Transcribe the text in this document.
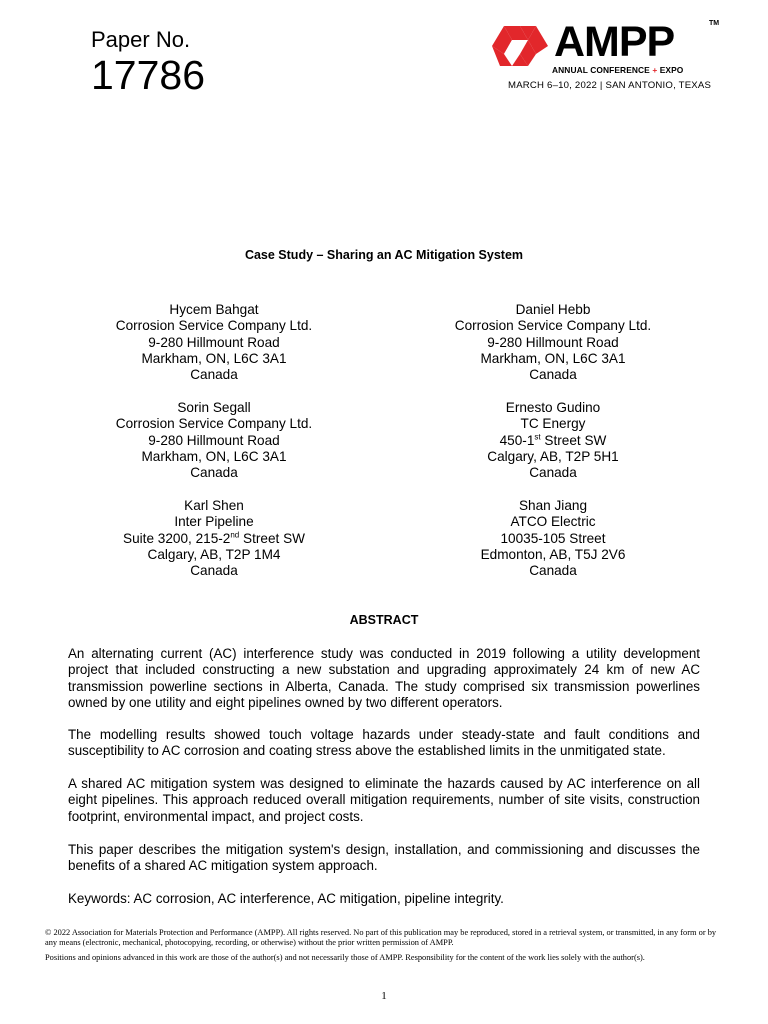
Paper No.
17786
AMPP	TM
ANNUAL CONFERENCE + EXPO
MARCH 6–10, 2022 | SAN ANTONIO, TEXAS
Case Study – Sharing an AC Mitigation System
Hycem Bahgat
Corrosion Service Company Ltd.
9-280 Hillmount Road
Markham, ON, L6C 3A1
Canada
Daniel Hebb
Corrosion Service Company Ltd.
9-280 Hillmount Road
Markham, ON, L6C 3A1
Canada
Sorin Segall
Corrosion Service Company Ltd.
9-280 Hillmount Road
Markham, ON, L6C 3A1
Canada
Ernesto Gudino
TC Energy
450-1st Street SW
Calgary, AB, T2P 5H1
Canada
Karl Shen
Inter Pipeline
Suite 3200, 215-2nd Street SW
Calgary, AB, T2P 1M4
Canada
Shan Jiang
ATCO Electric
10035-105 Street
Edmonton, AB, T5J 2V6
Canada
ABSTRACT

An alternating current (AC) interference study was conducted in 2019 following a utility development project that included constructing a new substation and upgrading approximately 24 km of new AC transmission powerline sections in Alberta, Canada. The study comprised six transmission powerlines owned by one utility and eight pipelines owned by two different operators.

The modelling results showed touch voltage hazards under steady-state and fault conditions and susceptibility to AC corrosion and coating stress above the established limits in the unmitigated state.

A shared AC mitigation system was designed to eliminate the hazards caused by AC interference on all eight pipelines. This approach reduced overall mitigation requirements, number of site visits, construction footprint, environmental impact, and project costs.

This paper describes the mitigation system's design, installation, and commissioning and discusses the benefits of a shared AC mitigation system approach.

Keywords: AC corrosion, AC interference, AC mitigation, pipeline integrity.

© 2022 Association for Materials Protection and Performance (AMPP). All rights reserved. No part of this publication may be reproduced, stored in a retrieval system, or transmitted, in any form or by any means (electronic, mechanical, photocopying, recording, or otherwise) without the prior written permission of AMPP.

Positions and opinions advanced in this work are those of the author(s) and not necessarily those of AMPP. Responsibility for the content of the work lies solely with the author(s).

1
